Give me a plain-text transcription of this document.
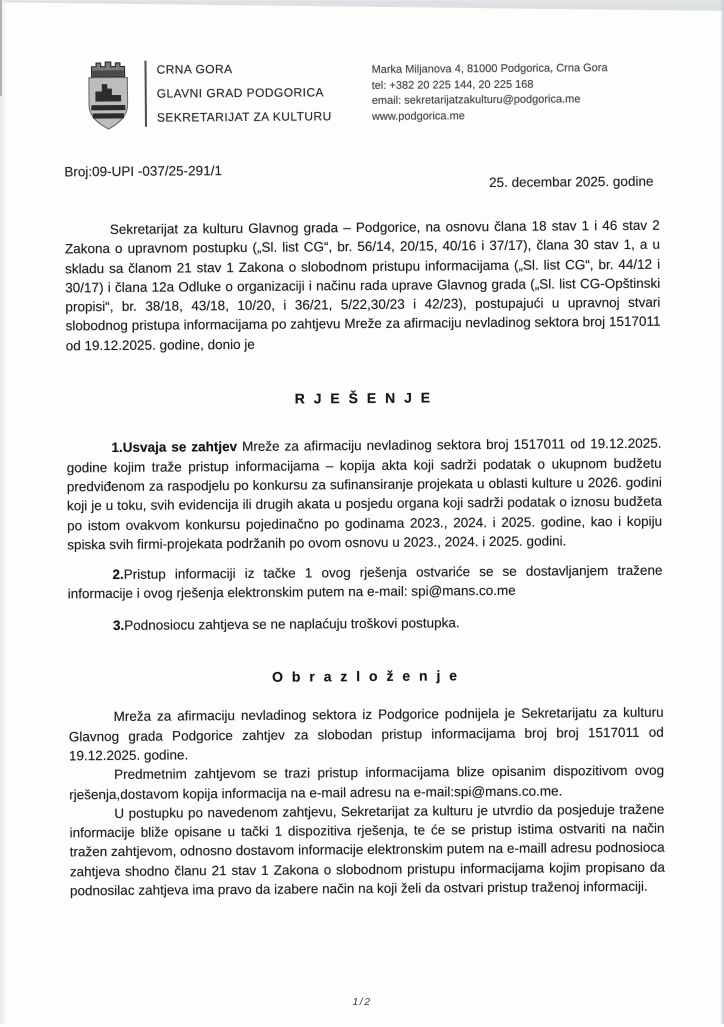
CRNA GORA
GLAVNI GRAD PODGORICA
SEKRETARIJAT ZA KULTURU
Marka Miljanova 4, 81000 Podgorica, Crna Gora
tel: +382 20 225 144, 20 225 168
email: sekretarijatzakulturu@podgorica.me
www.podgorica.me
Broj:09-UPI -037/25-291/1
25. decembar 2025. godine

Sekretarijat za kulturu Glavnog grada – Podgorice, na osnovu člana 18 stav 1 i 46 stav 2 Zakona o upravnom postupku („Sl. list CG“, br. 56/14, 20/15, 40/16 i 37/17), člana 30 stav 1, a u skladu sa članom 21 stav 1 Zakona o slobodnom pristupu informacijama („Sl. list CG“, br. 44/12 i 30/17) i člana 12a Odluke o organizaciji i načinu rada uprave Glavnog grada („Sl. list CG-Opštinski propisi“, br. 38/18, 43/18, 10/20, i 36/21, 5/22,30/23 i 42/23), postupajući u upravnoj stvari slobodnog pristupa informacijama po zahtjevu Mreže za afirmaciju nevladinog sektora broj 1517011 od 19.12.2025. godine, donio je

R J E Š E N J E

1.Usvaja se zahtjev Mreže za afirmaciju nevladinog sektora broj 1517011 od 19.12.2025. godine kojim traže pristup informacijama – kopija akta koji sadrži podatak o ukupnom budžetu predviđenom za raspodjelu po konkursu za sufinansiranje projekata u oblasti kulture u 2026. godini koji je u toku, svih evidencija ili drugih akata u posjedu organa koji sadrži podatak o iznosu budžeta po istom ovakvom konkursu pojedinačno po godinama 2023., 2024. i 2025. godine, kao i kopiju spiska svih firmi-projekata podržanih po ovom osnovu u 2023., 2024. i 2025. godini.

2.Pristup informaciji iz tačke 1 ovog rješenja ostvariće se se dostavljanjem tražene informacije i ovog rješenja elektronskim putem na e-mail: spi@mans.co.me

3.Podnosiocu zahtjeva se ne naplaćuju troškovi postupka.

O b r a z l o ž e n j e

Mreža za afirmaciju nevladinog sektora iz Podgorice podnijela je Sekretarijatu za kulturu Glavnog grada Podgorice zahtjev za slobodan pristup informacijama broj broj 1517011 od 19.12.2025. godine.

Predmetnim zahtjevom se trazi pristup informacijama blize opisanim dispozitivom ovog rješenja,dostavom kopija informacija na e-mail adresu na e-mail:spi@mans.co.me.

U postupku po navedenom zahtjevu, Sekretarijat za kulturu je utvrdio da posjeduje tražene informacije bliže opisane u tački 1 dispozitiva rješenja, te će se pristup istima ostvariti na način tražen zahtjevom, odnosno dostavom informacije elektronskim putem na e-maill adresu podnosioca zahtjeva shodno članu 21 stav 1 Zakona o slobodnom pristupu informacijama kojim propisano da podnosilac zahtjeva ima pravo da izabere način na koji želi da ostvari pristup traženoj informaciji.

1/2
